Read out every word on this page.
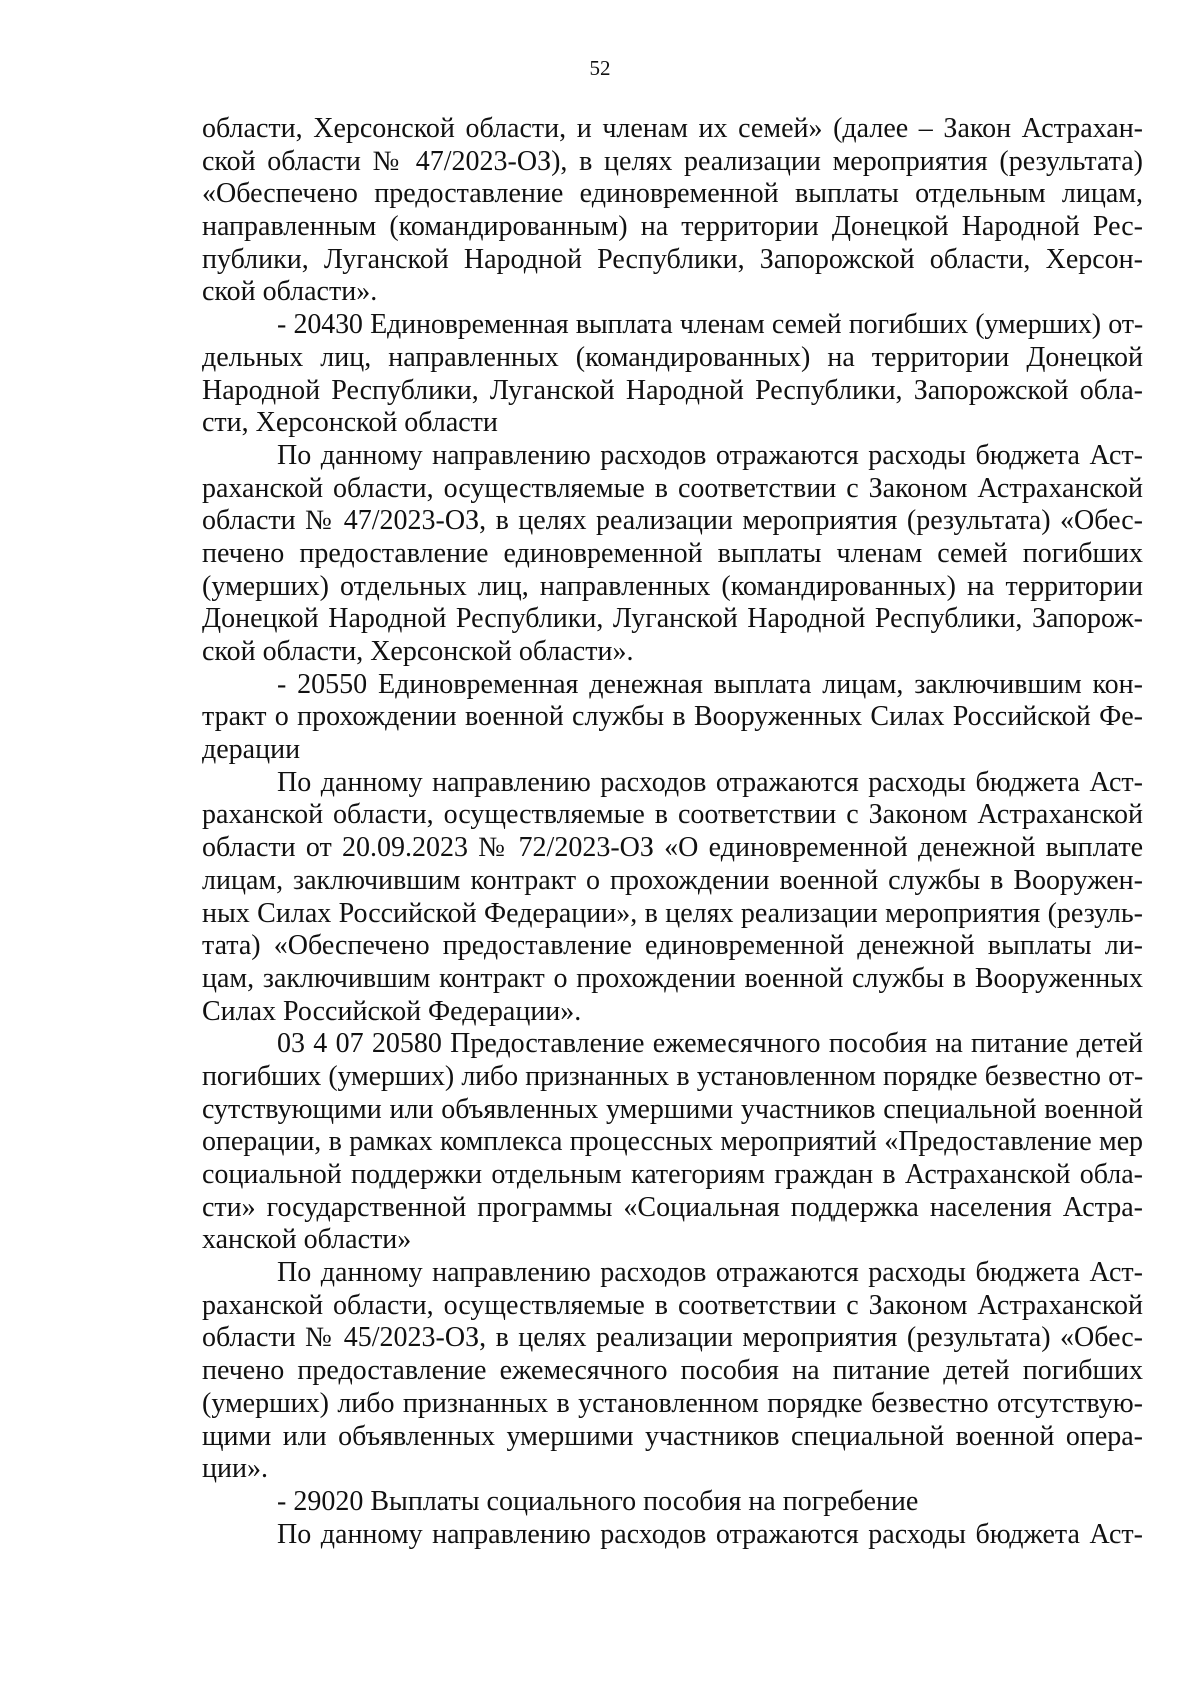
52
области, Херсонской области, и членам их семей» (далее – Закон Астрахан-
ской области № 47/2023-ОЗ), в целях реализации мероприятия (результата)
«Обеспечено предоставление единовременной выплаты отдельным лицам,
направленным (командированным) на территории Донецкой Народной Рес-
публики, Луганской Народной Республики, Запорожской области, Херсон-
ской области».
- 20430 Единовременная выплата членам семей погибших (умерших) от-
дельных лиц, направленных (командированных) на территории Донецкой
Народной Республики, Луганской Народной Республики, Запорожской обла-
сти, Херсонской области
По данному направлению расходов отражаются расходы бюджета Аст-
раханской области, осуществляемые в соответствии с Законом Астраханской
области № 47/2023-ОЗ, в целях реализации мероприятия (результата) «Обес-
печено предоставление единовременной выплаты членам семей погибших
(умерших) отдельных лиц, направленных (командированных) на территории
Донецкой Народной Республики, Луганской Народной Республики, Запорож-
ской области, Херсонской области».
- 20550 Единовременная денежная выплата лицам, заключившим кон-
тракт о прохождении военной службы в Вооруженных Силах Российской Фе-
дерации
По данному направлению расходов отражаются расходы бюджета Аст-
раханской области, осуществляемые в соответствии с Законом Астраханской
области от 20.09.2023 № 72/2023-ОЗ «О единовременной денежной выплате
лицам, заключившим контракт о прохождении военной службы в Вооружен-
ных Силах Российской Федерации», в целях реализации мероприятия (резуль-
тата) «Обеспечено предоставление единовременной денежной выплаты ли-
цам, заключившим контракт о прохождении военной службы в Вооруженных
Силах Российской Федерации».
03 4 07 20580 Предоставление ежемесячного пособия на питание детей
погибших (умерших) либо признанных в установленном порядке безвестно от-
сутствующими или объявленных умершими участников специальной военной
операции, в рамках комплекса процессных мероприятий «Предоставление мер
социальной поддержки отдельным категориям граждан в Астраханской обла-
сти» государственной программы «Социальная поддержка населения Астра-
ханской области»
По данному направлению расходов отражаются расходы бюджета Аст-
раханской области, осуществляемые в соответствии с Законом Астраханской
области № 45/2023-ОЗ, в целях реализации мероприятия (результата) «Обес-
печено предоставление ежемесячного пособия на питание детей погибших
(умерших) либо признанных в установленном порядке безвестно отсутствую-
щими или объявленных умершими участников специальной военной опера-
ции».
- 29020 Выплаты социального пособия на погребение
По данному направлению расходов отражаются расходы бюджета Аст-
